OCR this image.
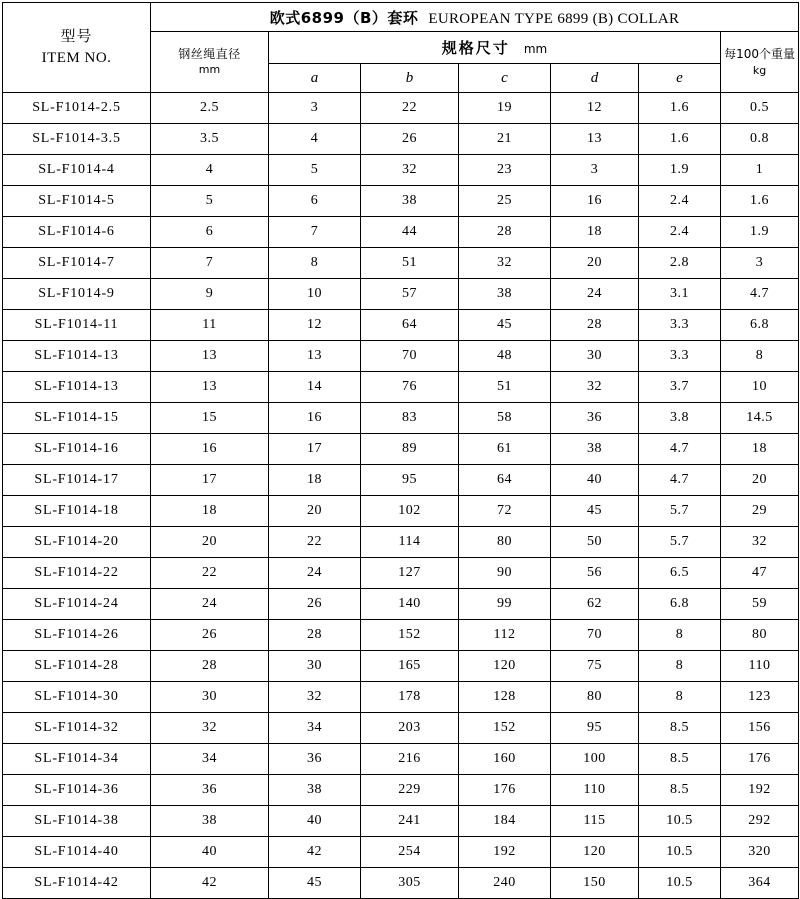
型号
ITEM NO.

欧式6899（B）套环 EUROPEAN TYPE 6899 (B) COLLAR

钢丝绳直径
mm

规格尺寸 mm	每100个重量
kg

		a	b	c	d	e	
SL-F1014-2.5	2.5	3	22	19	12	1.6	0.5
SL-F1014-3.5	3.5	4	26	21	13	1.6	0.8
SL-F1014-4	4	5	32	23	3	1.9	1
SL-F1014-5	5	6	38	25	16	2.4	1.6
SL-F1014-6	6	7	44	28	18	2.4	1.9
SL-F1014-7	7	8	51	32	20	2.8	3
SL-F1014-9	9	10	57	38	24	3.1	4.7
SL-F1014-11	11	12	64	45	28	3.3	6.8
SL-F1014-13	13	13	70	48	30	3.3	8
SL-F1014-13	13	14	76	51	32	3.7	10
SL-F1014-15	15	16	83	58	36	3.8	14.5
SL-F1014-16	16	17	89	61	38	4.7	18
SL-F1014-17	17	18	95	64	40	4.7	20
SL-F1014-18	18	20	102	72	45	5.7	29
SL-F1014-20	20	22	114	80	50	5.7	32
SL-F1014-22	22	24	127	90	56	6.5	47
SL-F1014-24	24	26	140	99	62	6.8	59
SL-F1014-26	26	28	152	112	70	8	80
SL-F1014-28	28	30	165	120	75	8	110
SL-F1014-30	30	32	178	128	80	8	123
SL-F1014-32	32	34	203	152	95	8.5	156
SL-F1014-34	34	36	216	160	100	8.5	176
SL-F1014-36	36	38	229	176	110	8.5	192
SL-F1014-38	38	40	241	184	115	10.5	292
SL-F1014-40	40	42	254	192	120	10.5	320
SL-F1014-42	42	45	305	240	150	10.5	364
